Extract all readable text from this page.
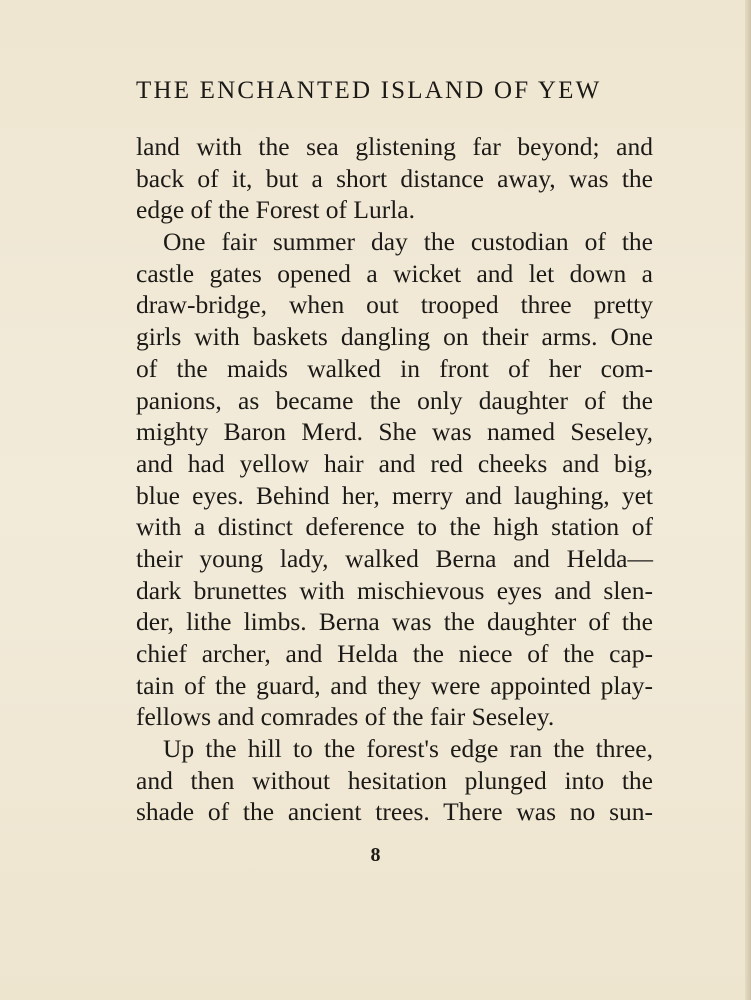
THE ENCHANTED ISLAND OF YEW
land with the sea glistening far beyond; and
back of it, but a short distance away, was the
edge of the Forest of Lurla.
One fair summer day the custodian of the
castle gates opened a wicket and let down a
draw-bridge, when out trooped three pretty
girls with baskets dangling on their arms. One
of the maids walked in front of her com-
panions, as became the only daughter of the
mighty Baron Merd. She was named Seseley,
and had yellow hair and red cheeks and big,
blue eyes. Behind her, merry and laughing, yet
with a distinct deference to the high station of
their young lady, walked Berna and Helda—
dark brunettes with mischievous eyes and slen-
der, lithe limbs. Berna was the daughter of the
chief archer, and Helda the niece of the cap-
tain of the guard, and they were appointed play-
fellows and comrades of the fair Seseley.
Up the hill to the forest's edge ran the three,
and then without hesitation plunged into the
shade of the ancient trees. There was no sun-
8
